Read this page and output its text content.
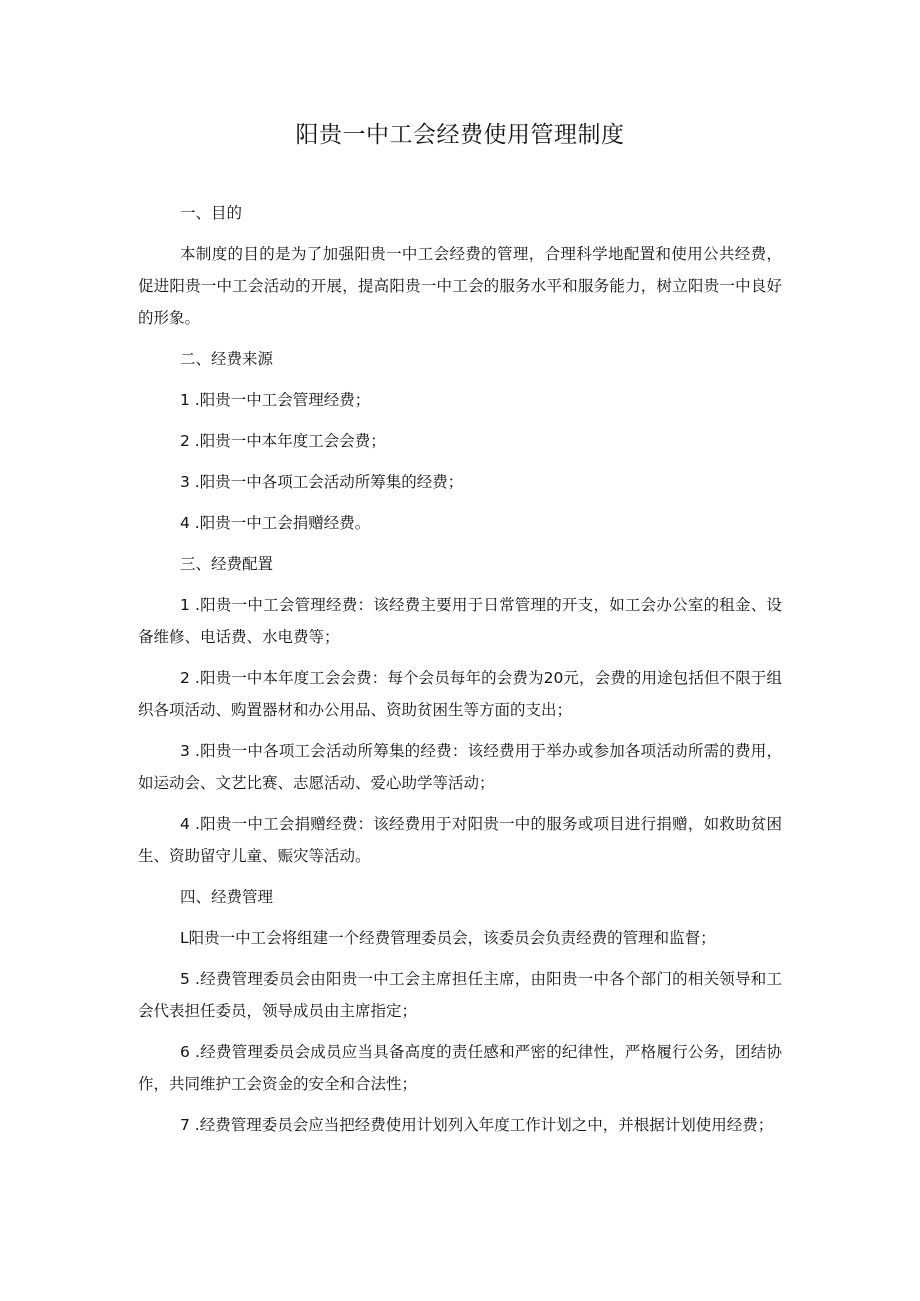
阳贵一中工会经费使用管理制度

一、目的

本制度的目的是为了加强阳贵一中工会经费的管理，合理科学地配置和使用公共经费，促进阳贵一中工会活动的开展，提高阳贵一中工会的服务水平和服务能力，树立阳贵一中良好的形象。

二、经费来源

1 .阳贵一中工会管理经费；

2 .阳贵一中本年度工会会费；

3 .阳贵一中各项工会活动所筹集的经费；

4 .阳贵一中工会捐赠经费。

三、经费配置

1 .阳贵一中工会管理经费：该经费主要用于日常管理的开支，如工会办公室的租金、设备维修、电话费、水电费等；

2 .阳贵一中本年度工会会费：每个会员每年的会费为20元，会费的用途包括但不限于组织各项活动、购置器材和办公用品、资助贫困生等方面的支出；

3 .阳贵一中各项工会活动所筹集的经费：该经费用于举办或参加各项活动所需的费用，如运动会、文艺比赛、志愿活动、爱心助学等活动；

4 .阳贵一中工会捐赠经费：该经费用于对阳贵一中的服务或项目进行捐赠，如救助贫困生、资助留守儿童、赈灾等活动。

四、经费管理

L阳贵一中工会将组建一个经费管理委员会，该委员会负责经费的管理和监督；

5 .经费管理委员会由阳贵一中工会主席担任主席，由阳贵一中各个部门的相关领导和工会代表担任委员，领导成员由主席指定；

6 .经费管理委员会成员应当具备高度的责任感和严密的纪律性，严格履行公务，团结协作，共同维护工会资金的安全和合法性；

7 .经费管理委员会应当把经费使用计划列入年度工作计划之中，并根据计划使用经费；
